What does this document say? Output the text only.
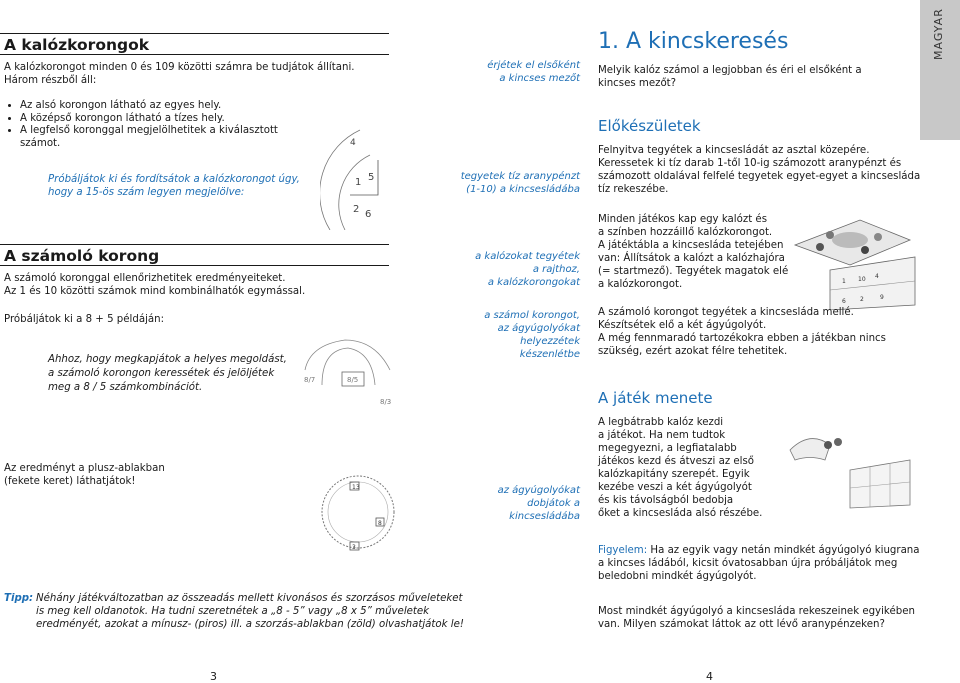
A kalózkorongok
A kalózkorongot minden 0 és 109 közötti számra be tudjátok állítani.
Három részből áll:
• Az alsó korongon látható az egyes hely.
• A középső korongon látható a tízes hely.
• A legfelső koronggal megjelölhetitek a kiválasztott számot.
Próbáljátok ki és fordítsátok a kalózkorongot úgy,
hogy a 15-ös szám legyen megjelölve:
1 5
4
2 6
A számoló korong
A számoló koronggal ellenőrizhetitek eredményeiteket.
Az 1 és 10 közötti számok mind kombinálhatók egymással.
Próbáljátok ki a 8 + 5 példáján:
Ahhoz, hogy megkapjátok a helyes megoldást,
a számoló korongon keressétek és jelöljétek
meg a 8 / 5 számkombinációt.
8/7	8/5
8/3
Az eredményt a plusz-ablakban
(fekete keret) láthatjátok!
13
3
8
Tipp: Néhány játékváltozatban az összeadás mellett kivonásos és szorzásos műveleteket
is meg kell oldanotok. Ha tudni szeretnétek a „8 - 5” vagy „8 x 5” műveletek
eredményét, azokat a mínusz- (piros) ill. a szorzás-ablakban (zöld) olvashatjátok le!
3
érjétek el elsőként
a kincses mezőt
tegyetek tíz aranypénzt
(1-10) a kincsesládába
a kalózokat tegyétek
a rajthoz,
a kalózkorongokat
a számol korongot,
az ágyúgolyókat
helyezzétek
készenlétbe
az ágyúgolyókat
dobjátok a
kincsesládába
MAGYAR
1. A kincskeresés
Melyik kalóz számol a legjobban és éri el elsőként a
kincses mezőt?
Előkészületek
Felnyitva tegyétek a kincsesládát az asztal közepére.
Keressetek ki tíz darab 1-től 10-ig számozott aranypénzt és
számozott oldalával felfelé tegyetek egyet-egyet a kincsesláda
tíz rekeszébe.
Minden játékos kap egy kalózt és
a színben hozzáillő kalózkorongot.
A játéktábla a kincsesláda tetejében
van: Állítsátok a kalózt a kalózhajóra
(= startmező). Tegyétek magatok elé
a kalózkorongot.	1 10 4
6 2	9
A számoló korongot tegyétek a kincsesláda mellé.
Készítsétek elő a két ágyúgolyót.
A még fennmaradó tartozékokra ebben a játékban nincs
szükség, ezért azokat félre tehetitek.
A játék menete
A legbátrabb kalóz kezdi
a játékot. Ha nem tudtok
megegyezni, a legfiatalabb
játékos kezd és átveszi az első
kalózkapitány szerepét. Egyik
kezébe veszi a két ágyúgolyót
és kis távolságból bedobja
őket a kincsesláda alsó részébe.
Figyelem: Ha az egyik vagy netán mindkét ágyúgolyó kiugrana
a kincses ládából, kicsit óvatosabban újra próbáljátok meg
beledobni mindkét ágyúgolyót.
Most mindkét ágyúgolyó a kincsesláda rekeszeinek egyikében
van. Milyen számokat láttok az ott lévő aranypénzeken?
4
